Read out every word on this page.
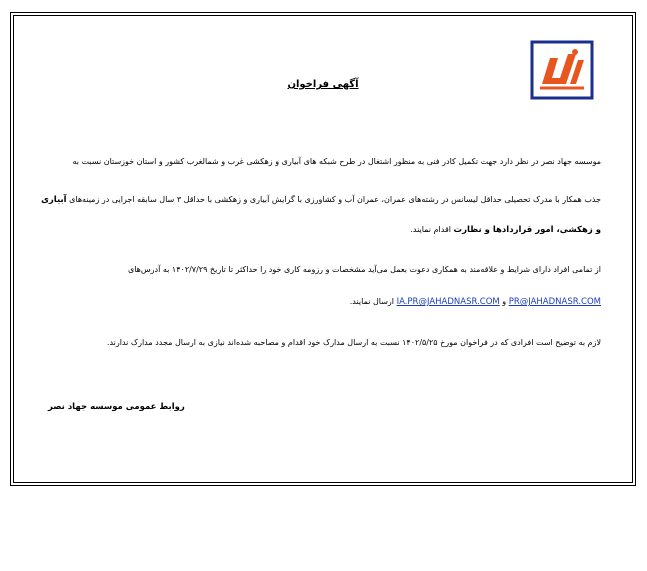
آگهی فراخوان
موسسه جهاد نصر در نظر دارد جهت تکمیل کادر فنی به منظور اشتغال در طرح شبکه های آبیاری و زهکشی غرب و شمالغرب کشور و استان خوزستان نسبت به
جذب همکار با مدرک تحصیلی حداقل لیسانس در رشته‌های عمران، عمران آب و کشاورزی با گرایش آبیاری و زهکشی با حداقل ۳ سال سابقه اجرایی در زمینه‌های آبیاری
و زهکشی، امور قراردادها و نظارت اقدام نمایند.
از تمامی افراد دارای شرایط و علاقه‌مند به همکاری دعوت بعمل می‌آید مشخصات و رزومه کاری خود را حداکثر تا تاریخ ۱۴۰۲/۷/۲۹ به آدرس‌های
PR@JAHADNASR.COM و IA.PR@JAHADNASR.COM ارسال نمایند.
لازم به توضیح است افرادی که در فراخوان مورخ ۱۴۰۲/۵/۲۵ نسبت به ارسال مدارک خود اقدام و مصاحبه شده‌اند نیازی به ارسال مجدد مدارک ندارند.
روابط عمومی موسسه جهاد نصر
